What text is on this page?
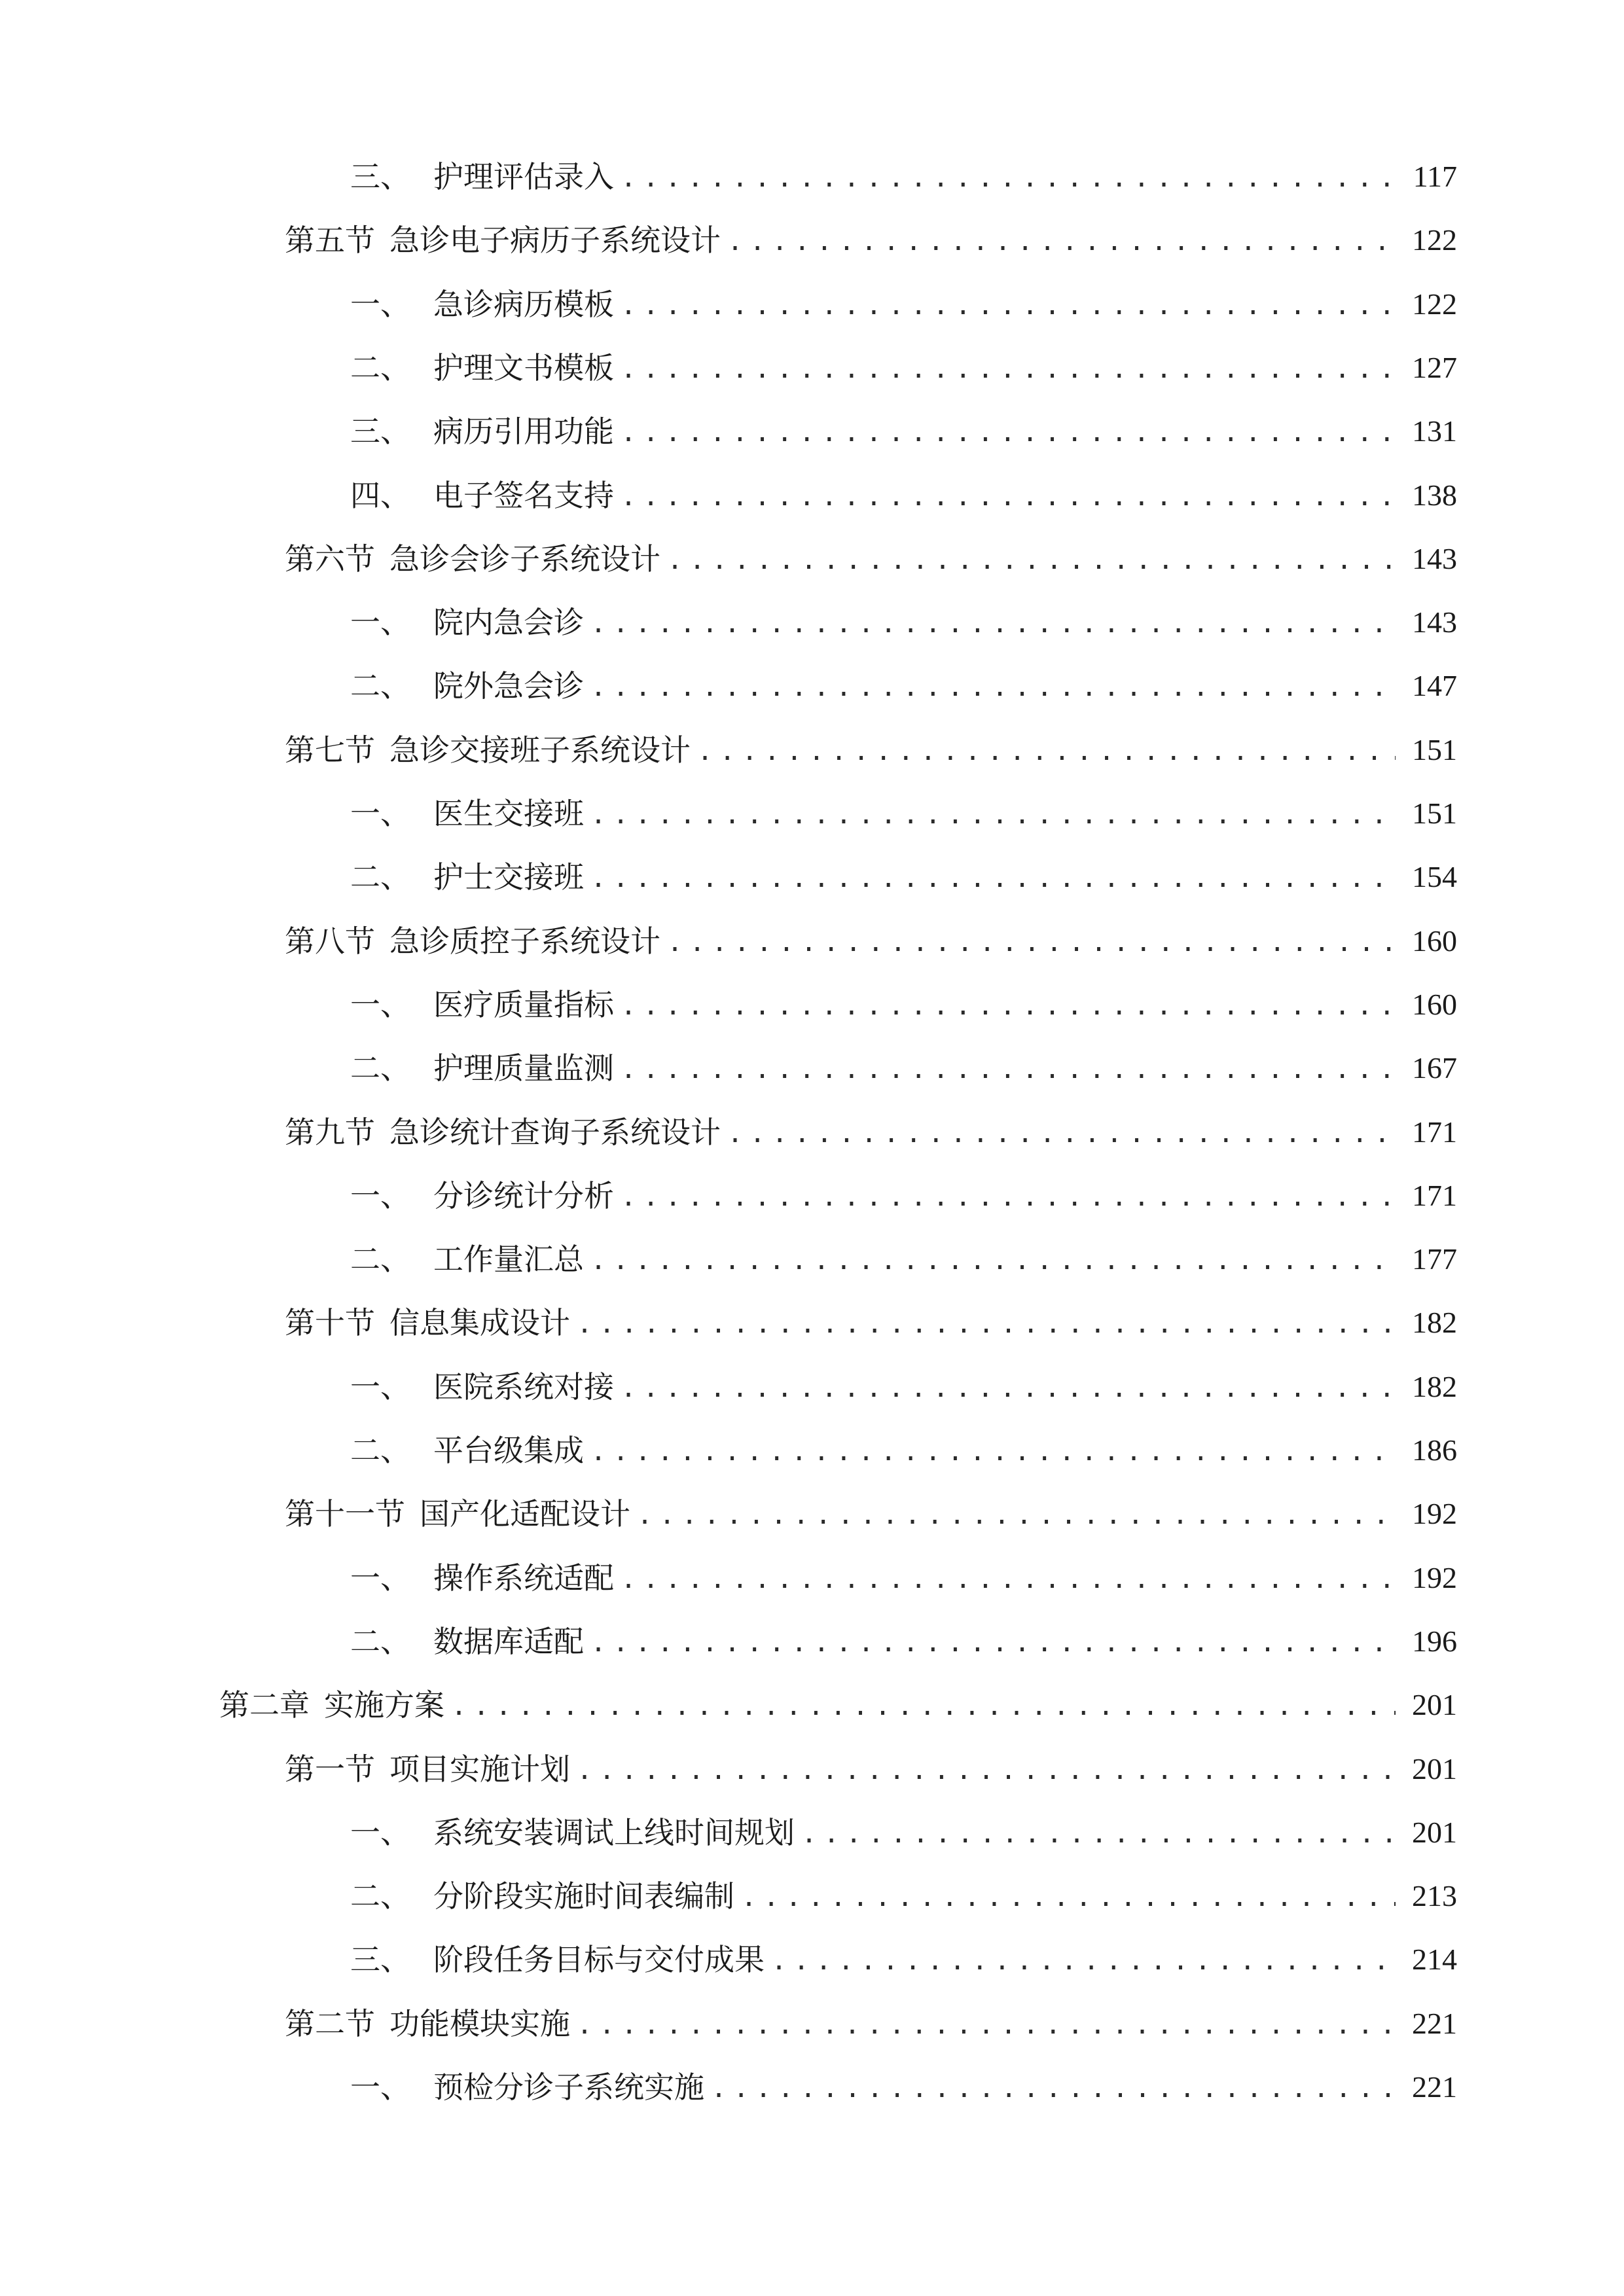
三、 护理评估录入 .....	117
第五节 急诊电子病历子系统设计 .....	122
一、 急诊病历模板 .....	122
二、 护理文书模板 .....	127
三、 病历引用功能 .....	131
四、 电子签名支持 .....	138
第六节 急诊会诊子系统设计 .....	143
一、 院内急会诊 .....	143
二、 院外急会诊 .....	147
第七节 急诊交接班子系统设计 .....	151
一、 医生交接班 .....	151
二、 护士交接班 .....	154
第八节 急诊质控子系统设计 .....	160
一、 医疗质量指标 .....	160
二、 护理质量监测 .....	167
第九节 急诊统计查询子系统设计 .....	171
一、 分诊统计分析 .....	171
二、 工作量汇总 .....	177
第十节 信息集成设计 .....	182
一、 医院系统对接 .....	182
二、 平台级集成 .....	186
第十一节 国产化适配设计 .....	192
一、 操作系统适配 .....	192
二、 数据库适配 .....	196
第二章 实施方案 .....	201
第一节 项目实施计划 .....	201
一、 系统安装调试上线时间规划 .....	201
二、 分阶段实施时间表编制 .....	213
三、 阶段任务目标与交付成果 .....	214
第二节 功能模块实施 .....	221
一、 预检分诊子系统实施 .....	221
